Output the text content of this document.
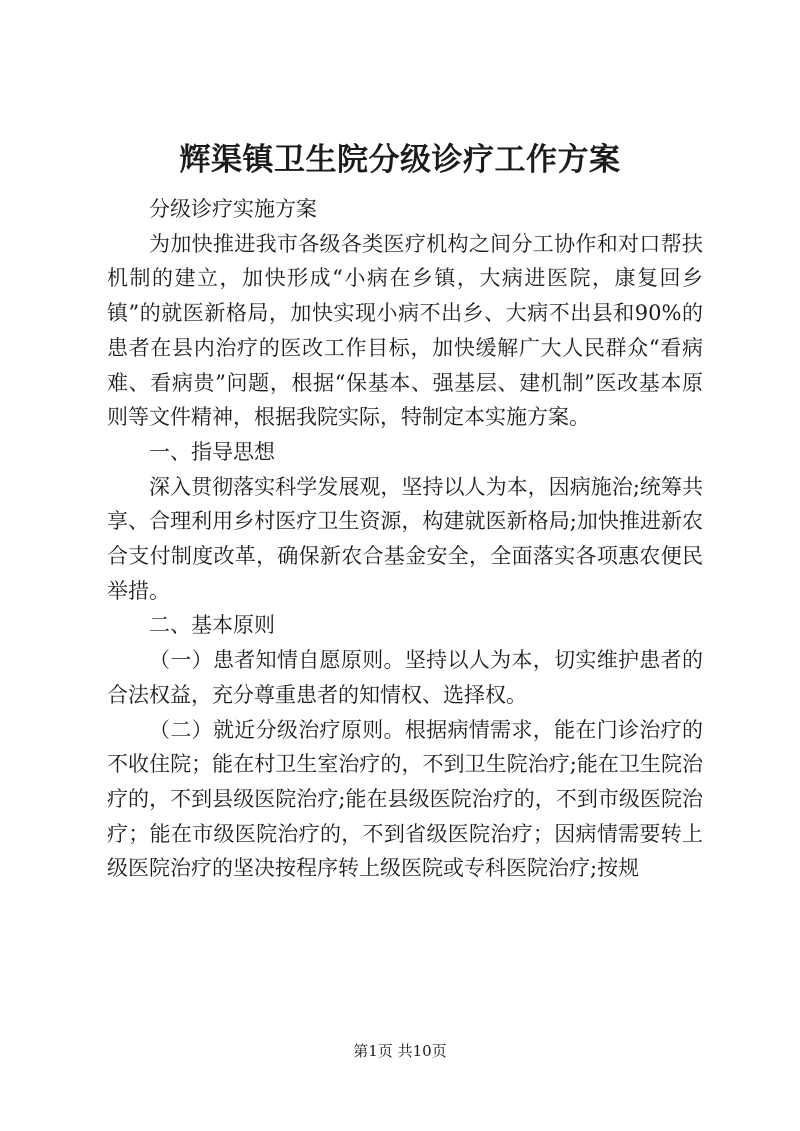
辉渠镇卫生院分级诊疗工作方案

分级诊疗实施方案

为加快推进我市各级各类医疗机构之间分工协作和对口帮扶机制的建立，加快形成“小病在乡镇，大病进医院，康复回乡镇”的就医新格局，加快实现小病不出乡、大病不出县和90%的患者在县内治疗的医改工作目标，加快缓解广大人民群众“看病难、看病贵”问题，根据“保基本、强基层、建机制”医改基本原则等文件精神，根据我院实际，特制定本实施方案。

一、指导思想

深入贯彻落实科学发展观，坚持以人为本，因病施治;统筹共享、合理利用乡村医疗卫生资源，构建就医新格局;加快推进新农合支付制度改革，确保新农合基金安全，全面落实各项惠农便民举措。

二、基本原则

（一）患者知情自愿原则。坚持以人为本，切实维护患者的合法权益，充分尊重患者的知情权、选择权。

（二）就近分级治疗原则。根据病情需求，能在门诊治疗的不收住院；能在村卫生室治疗的，不到卫生院治疗;能在卫生院治疗的，不到县级医院治疗;能在县级医院治疗的，不到市级医院治疗；能在市级医院治疗的，不到省级医院治疗；因病情需要转上级医院治疗的坚决按程序转上级医院或专科医院治疗;按规

第1页 共10页
